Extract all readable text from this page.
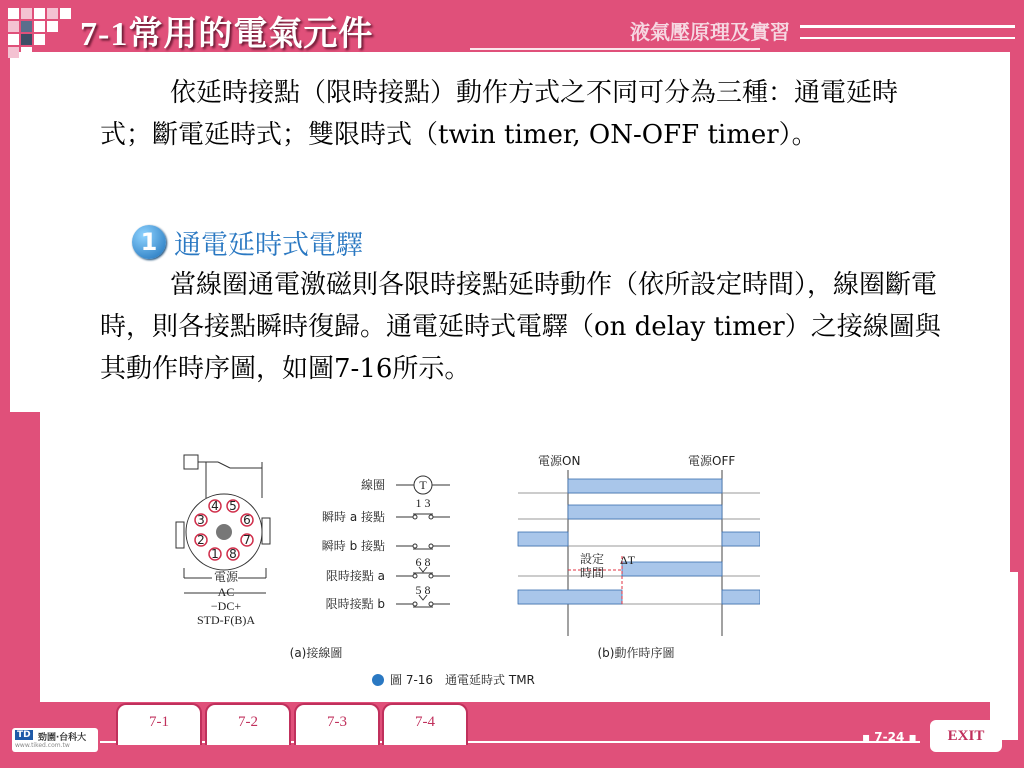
7-1常用的電氣元件	液氣壓原理及實習
依延時接點（限時接點）動作方式之不同可分為三種：通電延時式；斷電延時式；雙限時式（twin timer, ON-OFF timer）。
1 通電延時式電驛
當線圈通電激磁則各限時接點延時動作（依所設定時間），線圈斷電時，則各接點瞬時復歸。通電延時式電驛（on delay timer）之接線圖與其動作時序圖，如圖7-16所示。
4 5
3	6
2	7
1 8
電源
AC
−DC+
STD-F(B)A
(a)接線圖
線圈	T
瞬時 a 接點
1 3
瞬時 b 接點
限時接點 a
6 8
限時接點 b
5 8
電源ON	電源OFF
設定
時間
ΔT
(b)動作時序圖
圖 7-16　通電延時式 TMR
7-1	7-2	7-3	7-4
TD 勁園‧台科大
www.tiked.com.tw
▪ 7-24 ▪	EXIT
